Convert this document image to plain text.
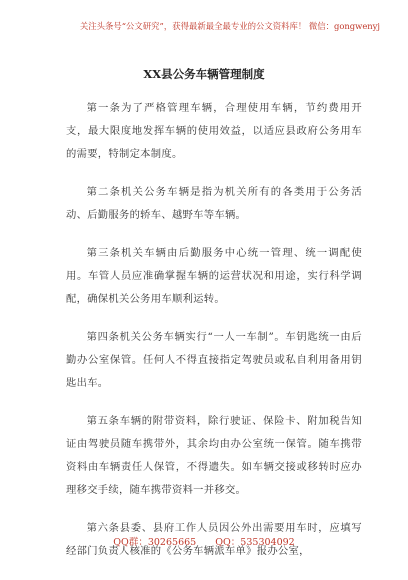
关注头条号“公文研究”，获得最新最全最专业的公文资料库！ 微信：gongwenyj
XX县公务车辆管理制度

第一条为了严格管理车辆，合理使用车辆，节约费用开支，最大限度地发挥车辆的使用效益，以适应县政府公务用车的需要，特制定本制度。

第二条机关公务车辆是指为机关所有的各类用于公务活动、后勤服务的轿车、越野车等车辆。

第三条机关车辆由后勤服务中心统一管理、统一调配使用。车管人员应准确掌握车辆的运营状况和用途，实行科学调配，确保机关公务用车顺利运转。

第四条机关公务车辆实行“一人一车制”。车钥匙统一由后勤办公室保管。任何人不得直接指定驾驶员或私自利用备用钥匙出车。

第五条车辆的附带资料，除行驶证、保险卡、附加税告知证由驾驶员随车携带外，其余均由办公室统一保管。随车携带资料由车辆责任人保管，不得遗失。如车辆交接或移转时应办理移交手续，随车携带资料一并移交。

第六条县委、县府工作人员因公外出需要用车时，应填写经部门负责人核准的《公务车辆派车单》报办公室，

QQ群：30265665 QQ：535304092
